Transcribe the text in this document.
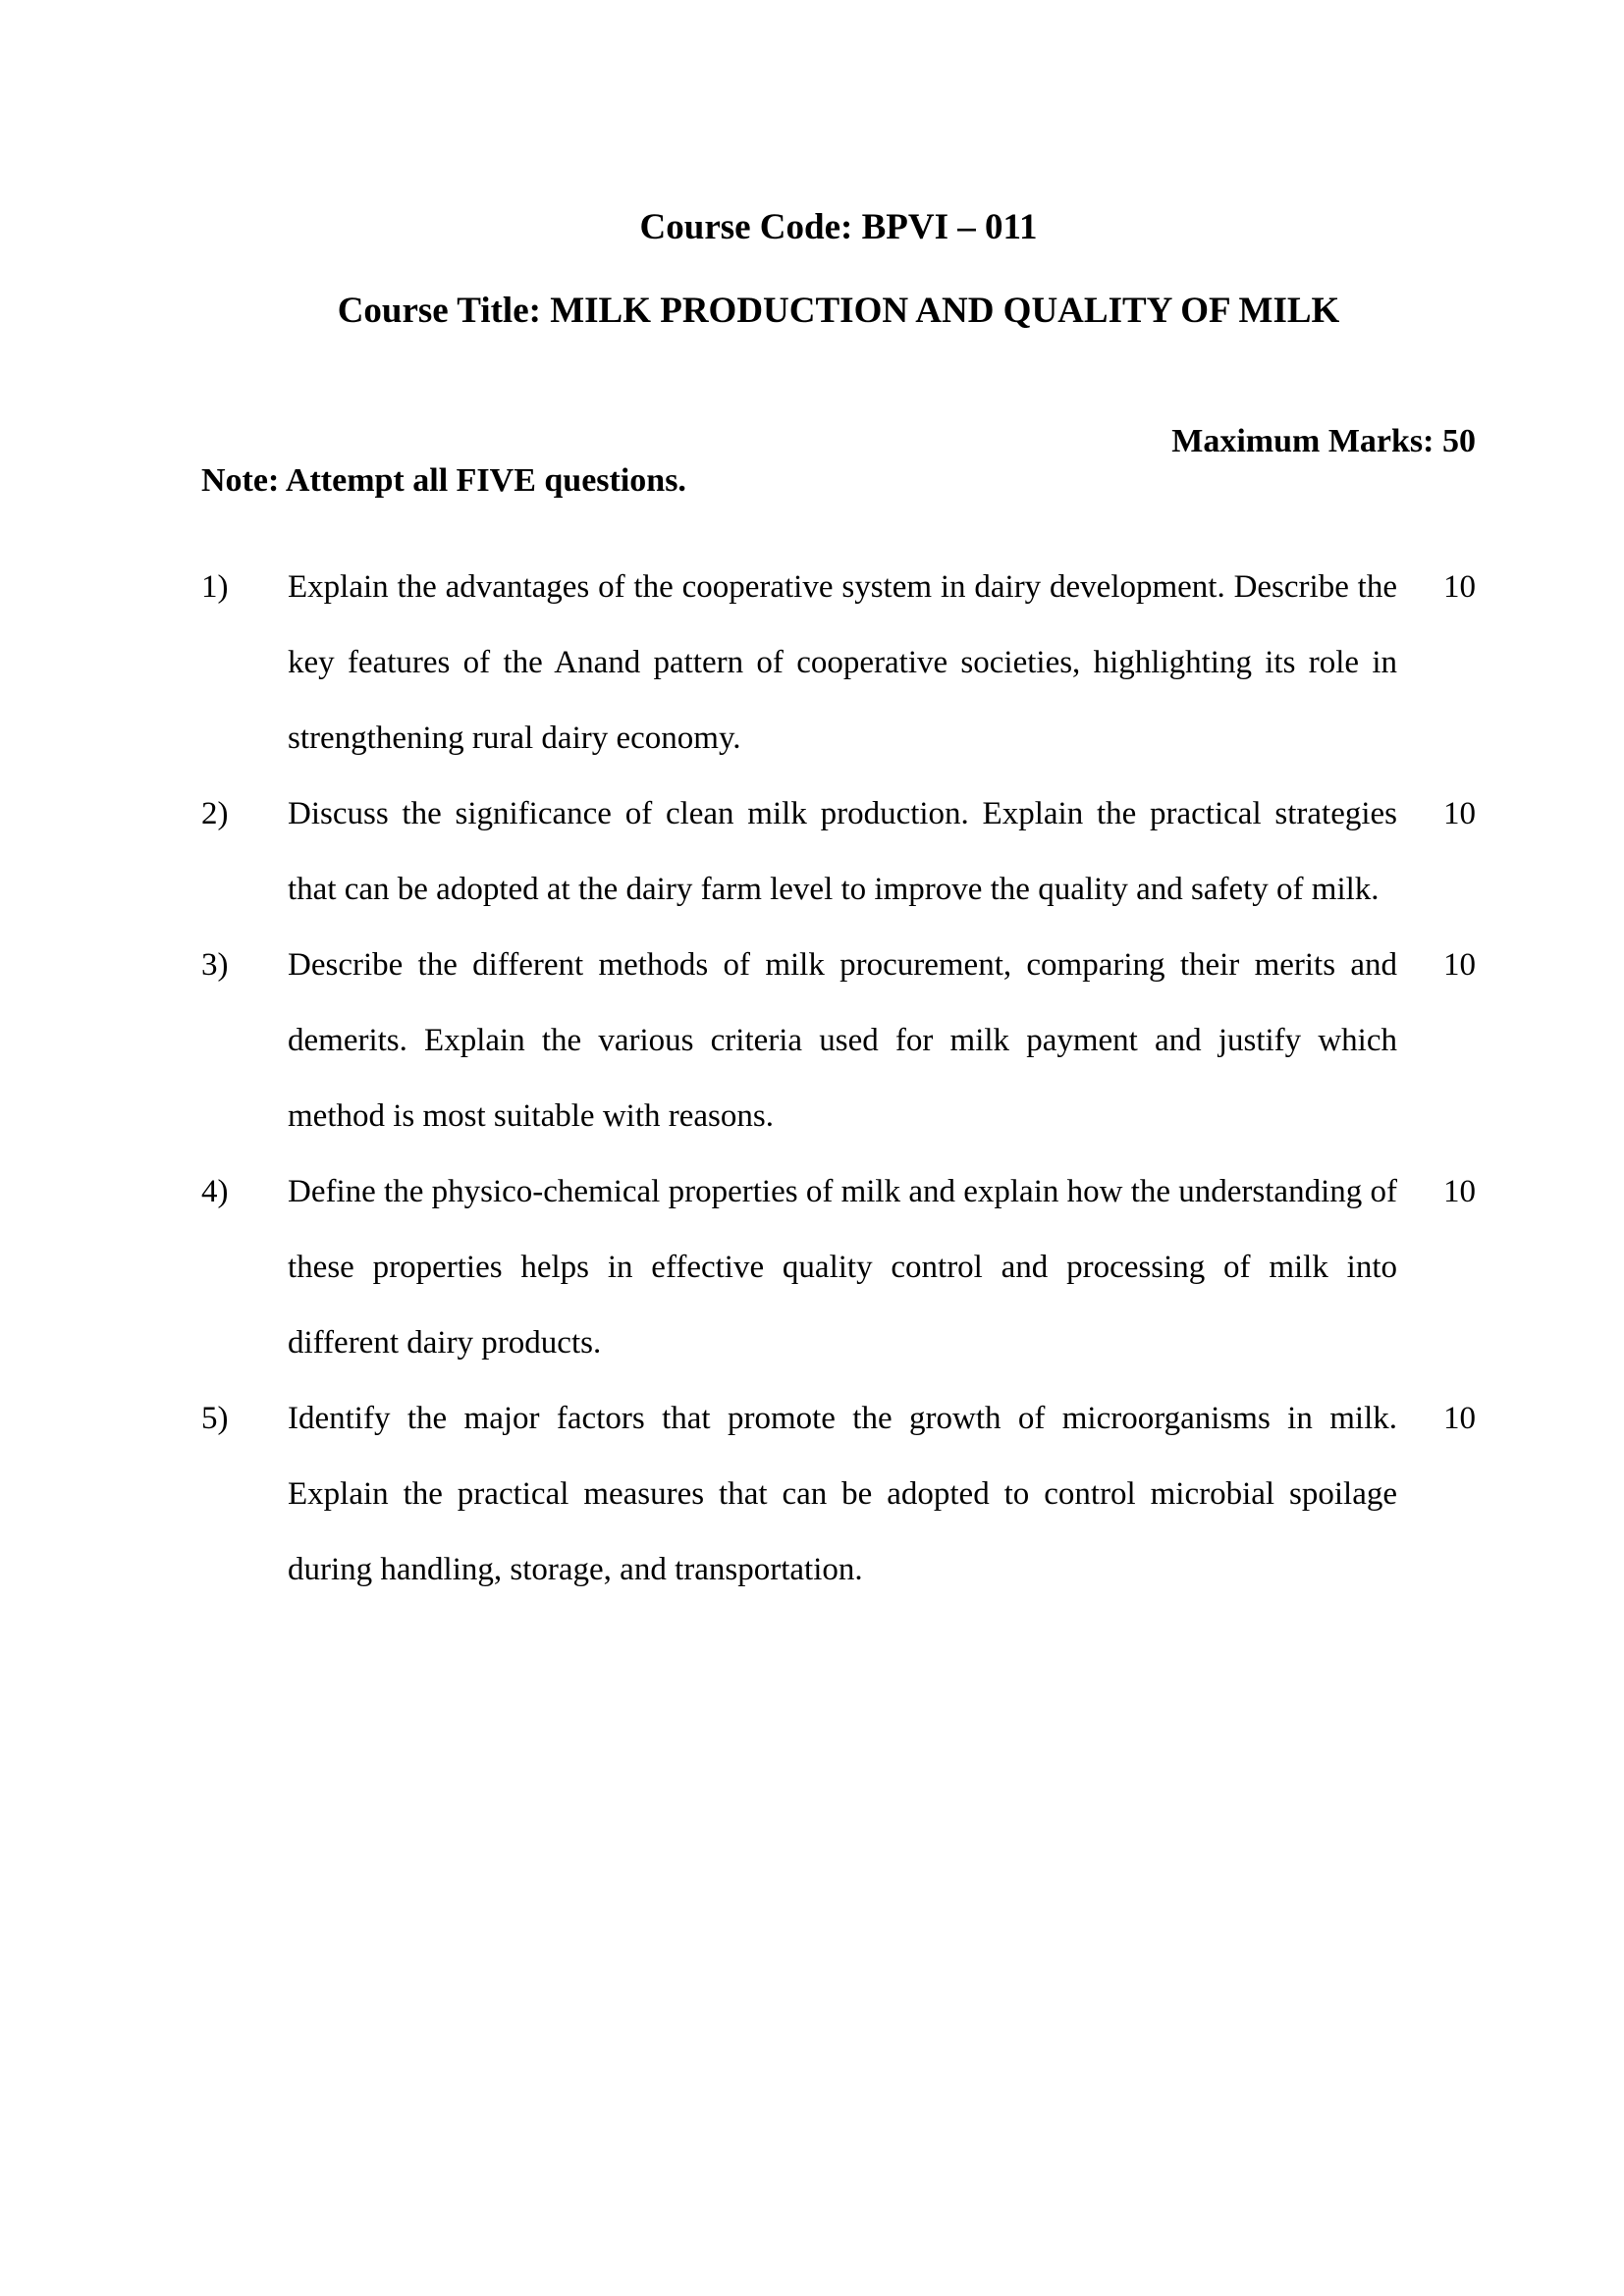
Course Code: BPVI – 011
Course Title: MILK PRODUCTION AND QUALITY OF MILK
Maximum Marks: 50
Note: Attempt all FIVE questions.
1)	Explain the advantages of the cooperative system in dairy development. Describe the key features of the Anand pattern of cooperative societies, highlighting its role in strengthening rural dairy economy.
10
2)	Discuss the significance of clean milk production. Explain the practical strategies that can be adopted at the dairy farm level to improve the quality and safety of milk.
10
3)	Describe the different methods of milk procurement, comparing their merits and demerits. Explain the various criteria used for milk payment and justify which method is most suitable with reasons.
10
4)	Define the physico-chemical properties of milk and explain how the understanding of these properties helps in effective quality control and processing of milk into different dairy products.
10
5)	Identify the major factors that promote the growth of microorganisms in milk. Explain the practical measures that can be adopted to control microbial spoilage during handling, storage, and transportation.
10
